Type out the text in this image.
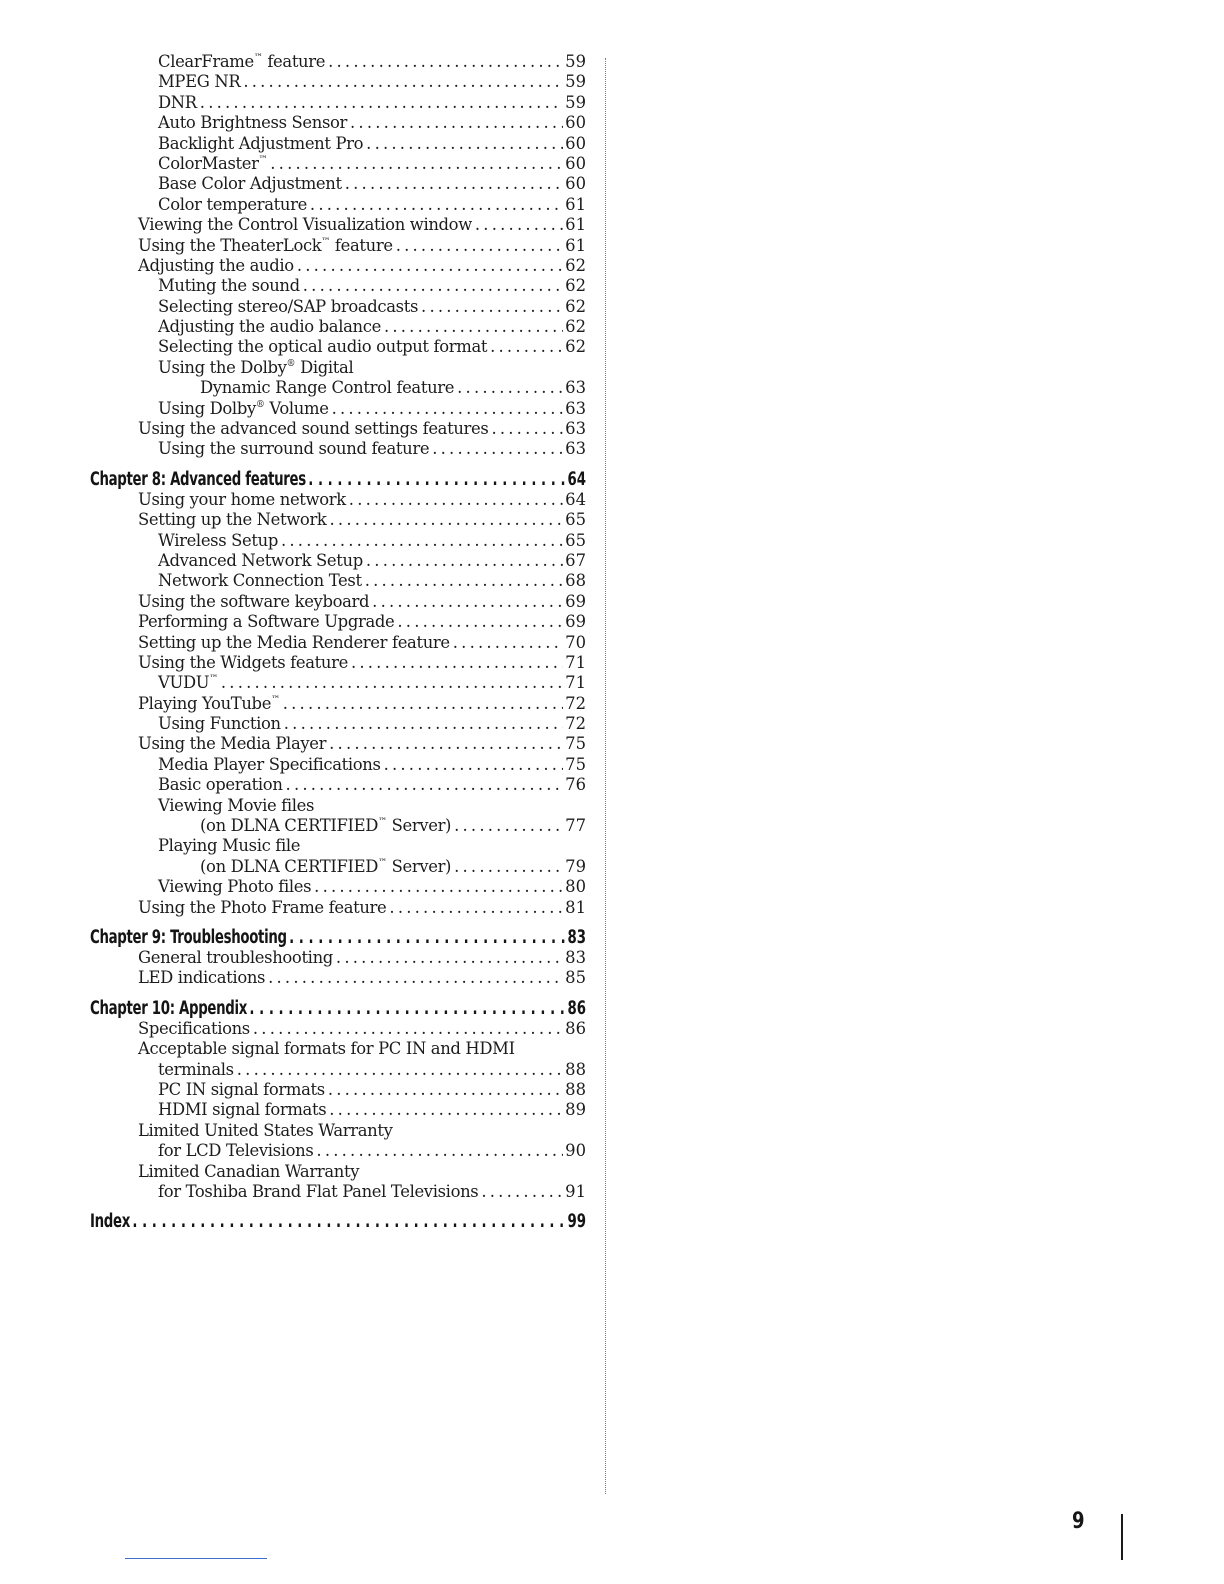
ClearFrame™ feature .....	59
MPEG NR .....	59
DNR .....	59
Auto Brightness Sensor .....	60
Backlight Adjustment Pro .....	60
ColorMaster™ .....	60
Base Color Adjustment .....	60
Color temperature .....	61
Viewing the Control Visualization window .....	61
Using the TheaterLock™ feature .....	61
Adjusting the audio .....	62
Muting the sound .....	62
Selecting stereo/SAP broadcasts .....	62
Adjusting the audio balance .....	62
Selecting the optical audio output format .....	62
Using the Dolby® Digital
Dynamic Range Control feature .....	63
Using Dolby® Volume .....	63
Using the advanced sound settings features .....	63
Using the surround sound feature .....	63
Chapter 8: Advanced features .....	64
Using your home network .....	64
Setting up the Network .....	65
Wireless Setup .....	65
Advanced Network Setup .....	67
Network Connection Test .....	68
Using the software keyboard .....	69
Performing a Software Upgrade .....	69
Setting up the Media Renderer feature .....	70
Using the Widgets feature .....	71
VUDU™ .....	71
Playing YouTube™ .....	72
Using Function .....	72
Using the Media Player .....	75
Media Player Specifications .....	75
Basic operation .....	76
Viewing Movie files
(on DLNA CERTIFIED™ Server) .....	77
Playing Music file
(on DLNA CERTIFIED™ Server) .....	79
Viewing Photo files .....	80
Using the Photo Frame feature .....	81
Chapter 9: Troubleshooting .....	83
General troubleshooting .....	83
LED indications .....	85
Chapter 10: Appendix .....	86
Specifications .....	86
Acceptable signal formats for PC IN and HDMI
terminals .....	88
PC IN signal formats .....	88
HDMI signal formats .....	89
Limited United States Warranty
for LCD Televisions .....	90
Limited Canadian Warranty
for Toshiba Brand Flat Panel Televisions .....	91
Index .....	99
9
